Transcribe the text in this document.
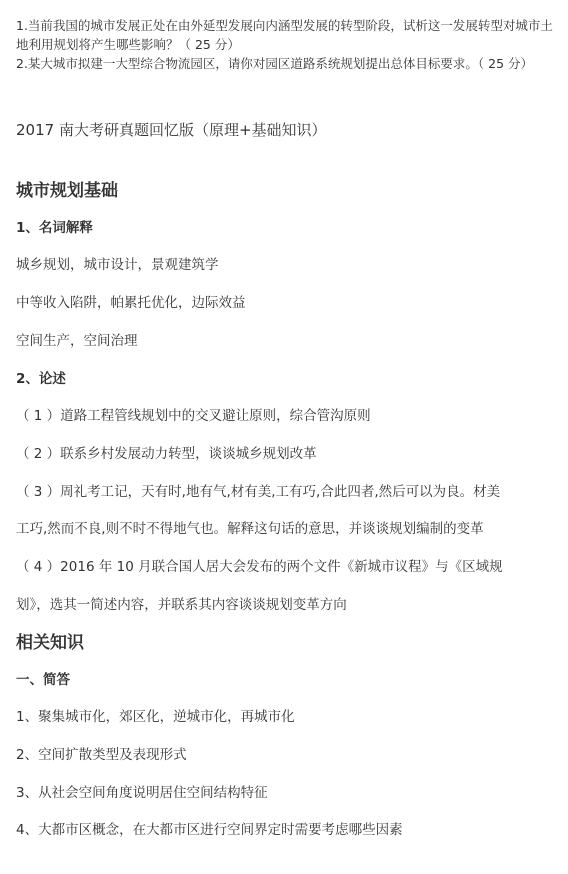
1.当前我国的城市发展正处在由外延型发展向内涵型发展的转型阶段，试析这一发展转型对城市土地利用规划将产生哪些影响？（ 25 分）

2.某大城市拟建一大型综合物流园区，请你对园区道路系统规划提出总体目标要求。（ 25 分）

2017 南大考研真题回忆版（原理+基础知识）

城市规划基础
1、名词解释

城乡规划，城市设计，景观建筑学

中等收入陷阱，帕累托优化，边际效益

空间生产，空间治理

2、论述

（ 1 ）道路工程管线规划中的交叉避让原则，综合管沟原则

（ 2 ）联系乡村发展动力转型，谈谈城乡规划改革

（ 3 ）周礼考工记，天有时,地有气,材有美,工有巧,合此四者,然后可以为良。材美

工巧,然而不良,则不时不得地气也。解释这句话的意思，并谈谈规划编制的变革

（ 4 ）2016 年 10 月联合国人居大会发布的两个文件《新城市议程》与《区域规

划》，选其一简述内容，并联系其内容谈谈规划变革方向

相关知识
一、简答

1、聚集城市化，郊区化，逆城市化，再城市化

2、空间扩散类型及表现形式

3、从社会空间角度说明居住空间结构特征

4、大都市区概念，在大都市区进行空间界定时需要考虑哪些因素
